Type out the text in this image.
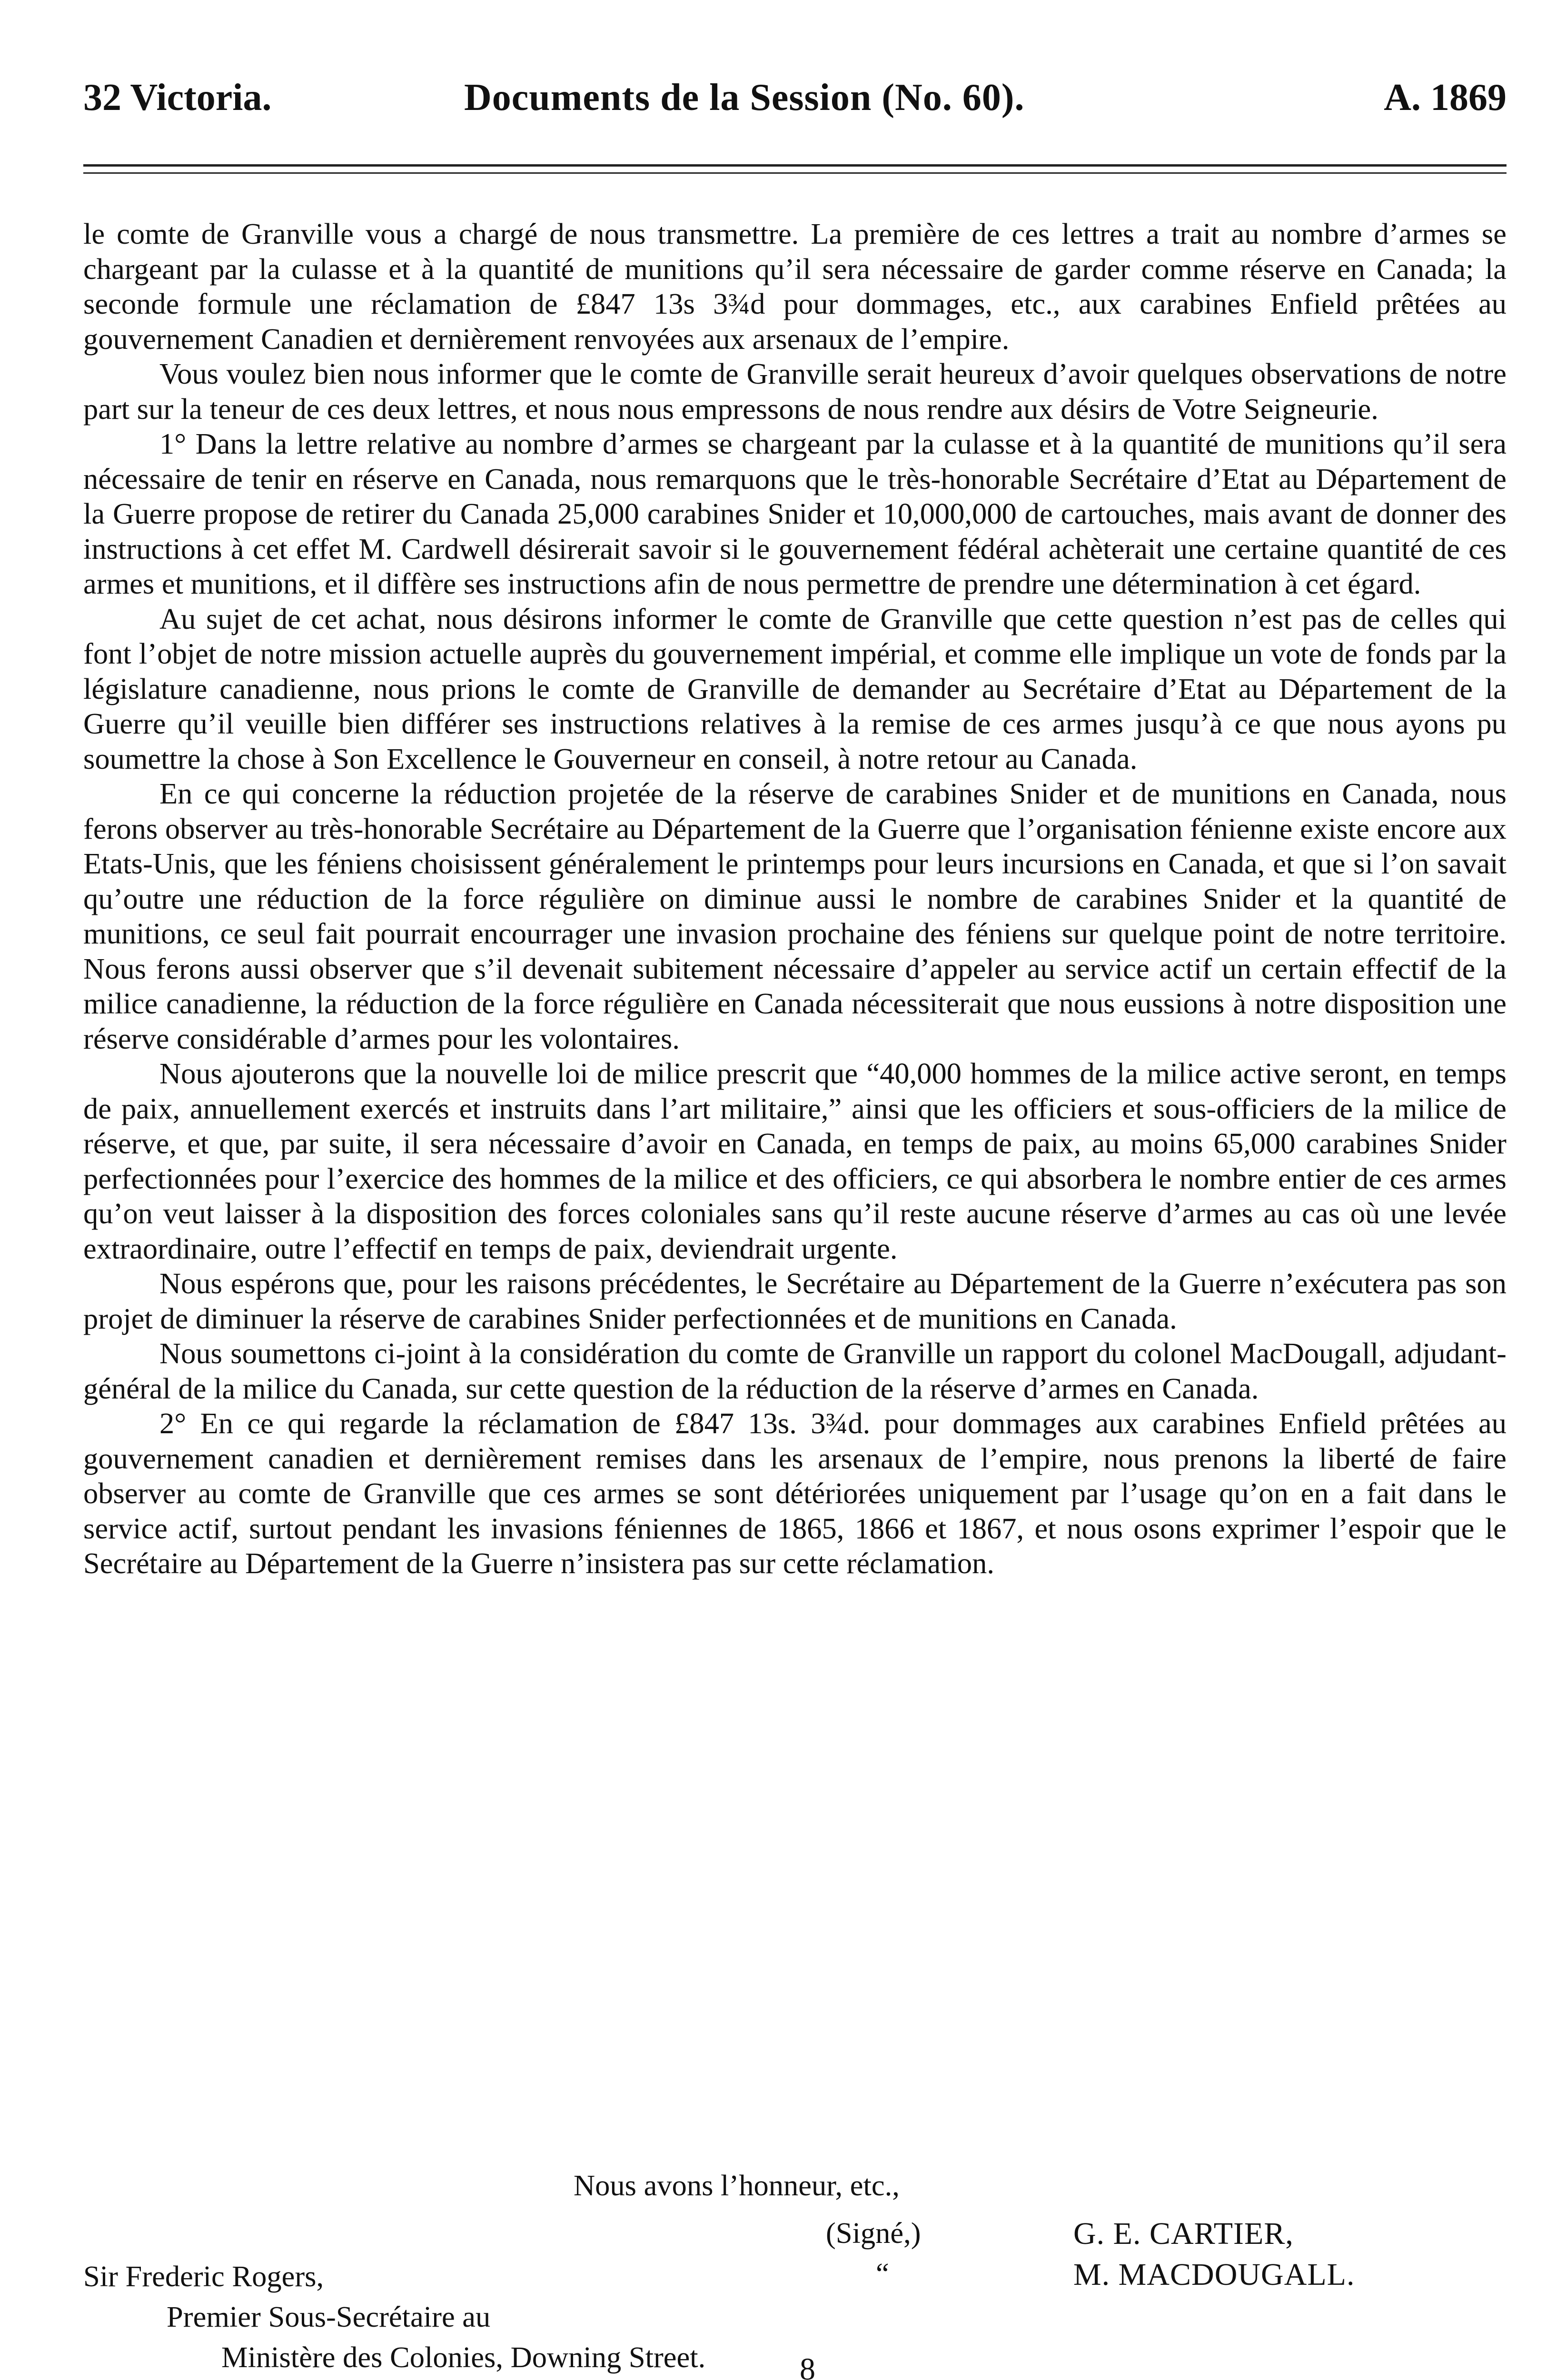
32 Victoria.	Documents de la Session (No. 60).	A. 1869

le comte de Granville vous a chargé de nous transmettre. La première de ces lettres a trait au nombre d’armes se chargeant par la culasse et à la quantité de munitions qu’il sera nécessaire de garder comme réserve en Canada; la seconde formule une réclamation de £847 13s 3¾d pour dommages, etc., aux carabines Enfield prêtées au gouvernement Canadien et dernièrement renvoyées aux arsenaux de l’empire.

Vous voulez bien nous informer que le comte de Granville serait heureux d’avoir quelques observations de notre part sur la teneur de ces deux lettres, et nous nous empressons de nous rendre aux désirs de Votre Seigneurie.

1° Dans la lettre relative au nombre d’armes se chargeant par la culasse et à la quantité de munitions qu’il sera nécessaire de tenir en réserve en Canada, nous remarquons que le très-honorable Secrétaire d’Etat au Département de la Guerre propose de retirer du Canada 25,000 carabines Snider et 10,000,000 de cartouches, mais avant de donner des instructions à cet effet M. Cardwell désirerait savoir si le gouvernement fédéral achèterait une certaine quantité de ces armes et munitions, et il diffère ses instructions afin de nous permettre de prendre une détermination à cet égard.

Au sujet de cet achat, nous désirons informer le comte de Granville que cette question n’est pas de celles qui font l’objet de notre mission actuelle auprès du gouvernement impérial, et comme elle implique un vote de fonds par la législature canadienne, nous prions le comte de Granville de demander au Secrétaire d’Etat au Département de la Guerre qu’il veuille bien différer ses instructions relatives à la remise de ces armes jusqu’à ce que nous ayons pu soumettre la chose à Son Excellence le Gouverneur en conseil, à notre retour au Canada.

En ce qui concerne la réduction projetée de la réserve de carabines Snider et de munitions en Canada, nous ferons observer au très-honorable Secrétaire au Département de la Guerre que l’organisation fénienne existe encore aux Etats-Unis, que les féniens choisissent généralement le printemps pour leurs incursions en Canada, et que si l’on savait qu’outre une réduction de la force régulière on diminue aussi le nombre de carabines Snider et la quantité de munitions, ce seul fait pourrait encourrager une invasion prochaine des féniens sur quelque point de notre territoire. Nous ferons aussi observer que s’il devenait subitement nécessaire d’appeler au service actif un certain effectif de la milice canadienne, la réduction de la force régulière en Canada nécessiterait que nous eussions à notre disposition une réserve considérable d’armes pour les volontaires.

Nous ajouterons que la nouvelle loi de milice prescrit que “40,000 hommes de la milice active seront, en temps de paix, annuellement exercés et instruits dans l’art militaire,” ainsi que les officiers et sous-officiers de la milice de réserve, et que, par suite, il sera nécessaire d’avoir en Canada, en temps de paix, au moins 65,000 carabines Snider perfectionnées pour l’exercice des hommes de la milice et des officiers, ce qui absorbera le nombre entier de ces armes qu’on veut laisser à la disposition des forces coloniales sans qu’il reste aucune réserve d’armes au cas où une levée extraordinaire, outre l’effectif en temps de paix, deviendrait urgente.

Nous espérons que, pour les raisons précédentes, le Secrétaire au Département de la Guerre n’exécutera pas son projet de diminuer la réserve de carabines Snider perfectionnées et de munitions en Canada.

Nous soumettons ci-joint à la considération du comte de Granville un rapport du colonel MacDougall, adjudant-général de la milice du Canada, sur cette question de la réduction de la réserve d’armes en Canada.

2° En ce qui regarde la réclamation de £847 13s. 3¾d. pour dommages aux carabines Enfield prêtées au gouvernement canadien et dernièrement remises dans les arsenaux de l’empire, nous prenons la liberté de faire observer au comte de Granville que ces armes se sont détériorées uniquement par l’usage qu’on en a fait dans le service actif, surtout pendant les invasions féniennes de 1865, 1866 et 1867, et nous osons exprimer l’espoir que le Secrétaire au Département de la Guerre n’insistera pas sur cette réclamation.

Nous avons l’honneur, etc.,
(Signé,)
“
G. E. CARTIER,
M. MACDOUGALL.
Sir Frederic Rogers,
Premier Sous-Secrétaire au
Ministère des Colonies, Downing Street.	8
